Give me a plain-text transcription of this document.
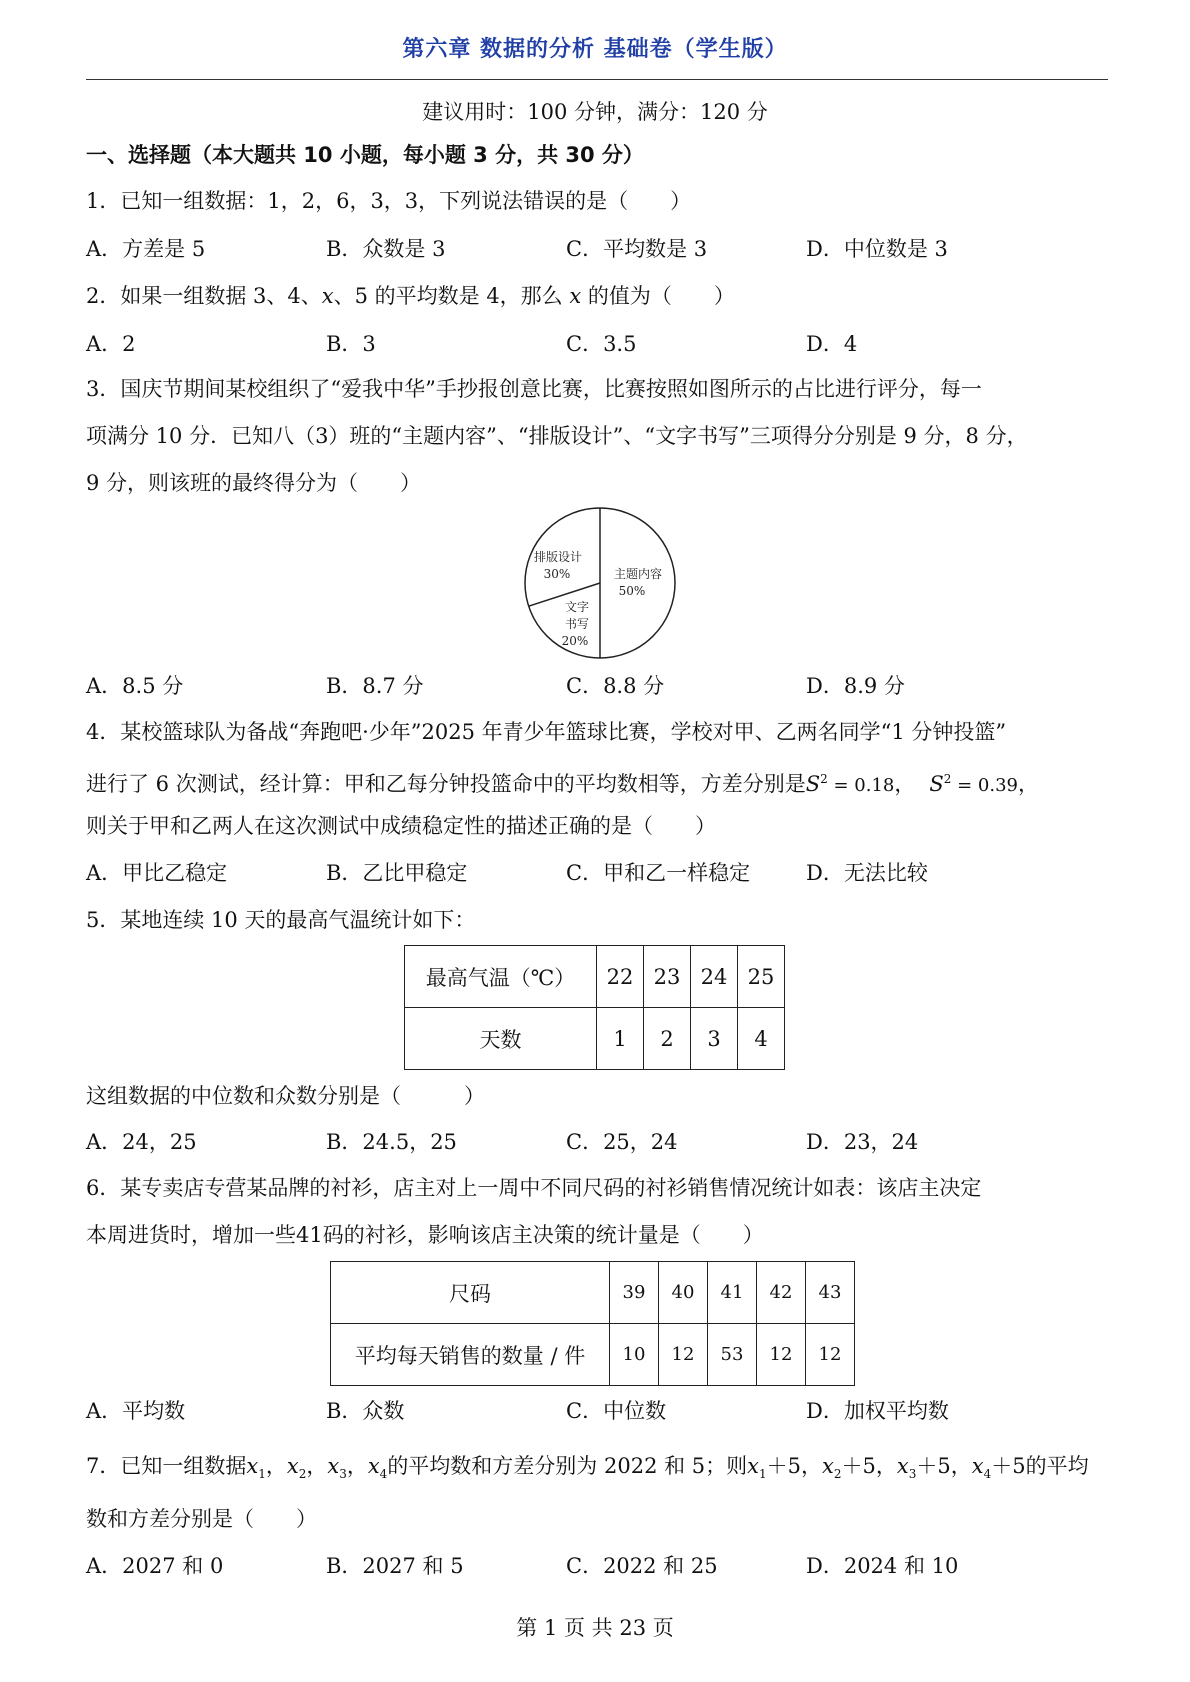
第六章 数据的分析 基础卷（学生版）
建议用时：100 分钟，满分：120 分
一、选择题（本大题共 10 小题，每小题 3 分，共 30 分）
1．已知一组数据：1，2，6，3，3，下列说法错误的是（　　）
A．方差是 5	B．众数是 3	C．平均数是 3	D．中位数是 3
2．如果一组数据 3、4、x、5 的平均数是 4，那么 x 的值为（　　）
A．2	B．3	C．3.5	D．4
3．国庆节期间某校组织了“爱我中华”手抄报创意比赛，比赛按照如图所示的占比进行评分，每一
项满分 10 分．已知八（3）班的“主题内容”、“排版设计”、“文字书写”三项得分分别是 9 分，8 分，
9 分，则该班的最终得分为（　　）
主题内容
50%
排版设计
30%
文字
书写
20%
A．8.5 分	B．8.7 分	C．8.8 分	D．8.9 分
4．某校篮球队为备战“奔跑吧·少年”2025 年青少年篮球比赛，学校对甲、乙两名同学“1 分钟投篮”
进行了 6 次测试，经计算：甲和乙每分钟投篮命中的平均数相等，方差分别是$S^2 = 0.18$， $S^2 = 0.39$，
则关于甲和乙两人在这次测试中成绩稳定性的描述正确的是（　　）
A．甲比乙稳定	B．乙比甲稳定	C．甲和乙一样稳定	D．无法比较
5．某地连续 10 天的最高气温统计如下：
最高气温（℃）	22	23	24	25
天数	1	2	3	4
这组数据的中位数和众数分别是（　　　）
A．24，25	B．24.5，25	C．25，24	D．23，24
6．某专卖店专营某品牌的衬衫，店主对上一周中不同尺码的衬衫销售情况统计如表：该店主决定
本周进货时，增加一些41码的衬衫，影响该店主决策的统计量是（　　）
尺码	39	40	41	42	43
平均每天销售的数量 / 件	10	12	53	12	12
A．平均数	B．众数	C．中位数	D．加权平均数
7．已知一组数据$x_1$，$x_2$，$x_3$，$x_4$的平均数和方差分别为 2022 和 5；则$x_1+5$，$x_2+5$，$x_3+5$，$x_4+5$的平均
数和方差分别是（　　）
A．2027 和 0	B．2027 和 5	C．2022 和 25	D．2024 和 10
第 1 页 共 23 页
